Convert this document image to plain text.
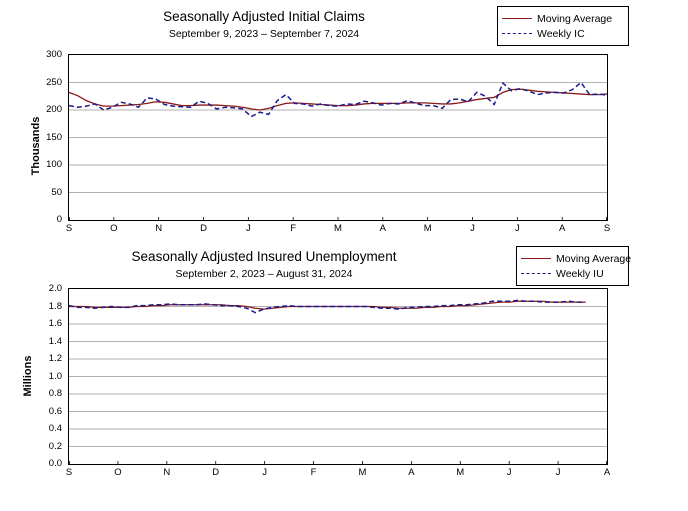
Seasonally Adjusted Initial Claims
September 9, 2023 – September 7, 2024
Moving Average
Weekly IC
Thousands
0
50
100
150
200
250
300
S	O	N	D	J	F	M	A	M	J	J	A	S
Seasonally Adjusted Insured Unemployment
September 2, 2023 – August 31, 2024
Moving Average
Weekly IU
Millions
0.0
0.2
0.4
0.6
0.8
1.0
1.2
1.4
1.6
1.8
2.0
S	O	N	D	J	F	M	A	M	J	J	A
